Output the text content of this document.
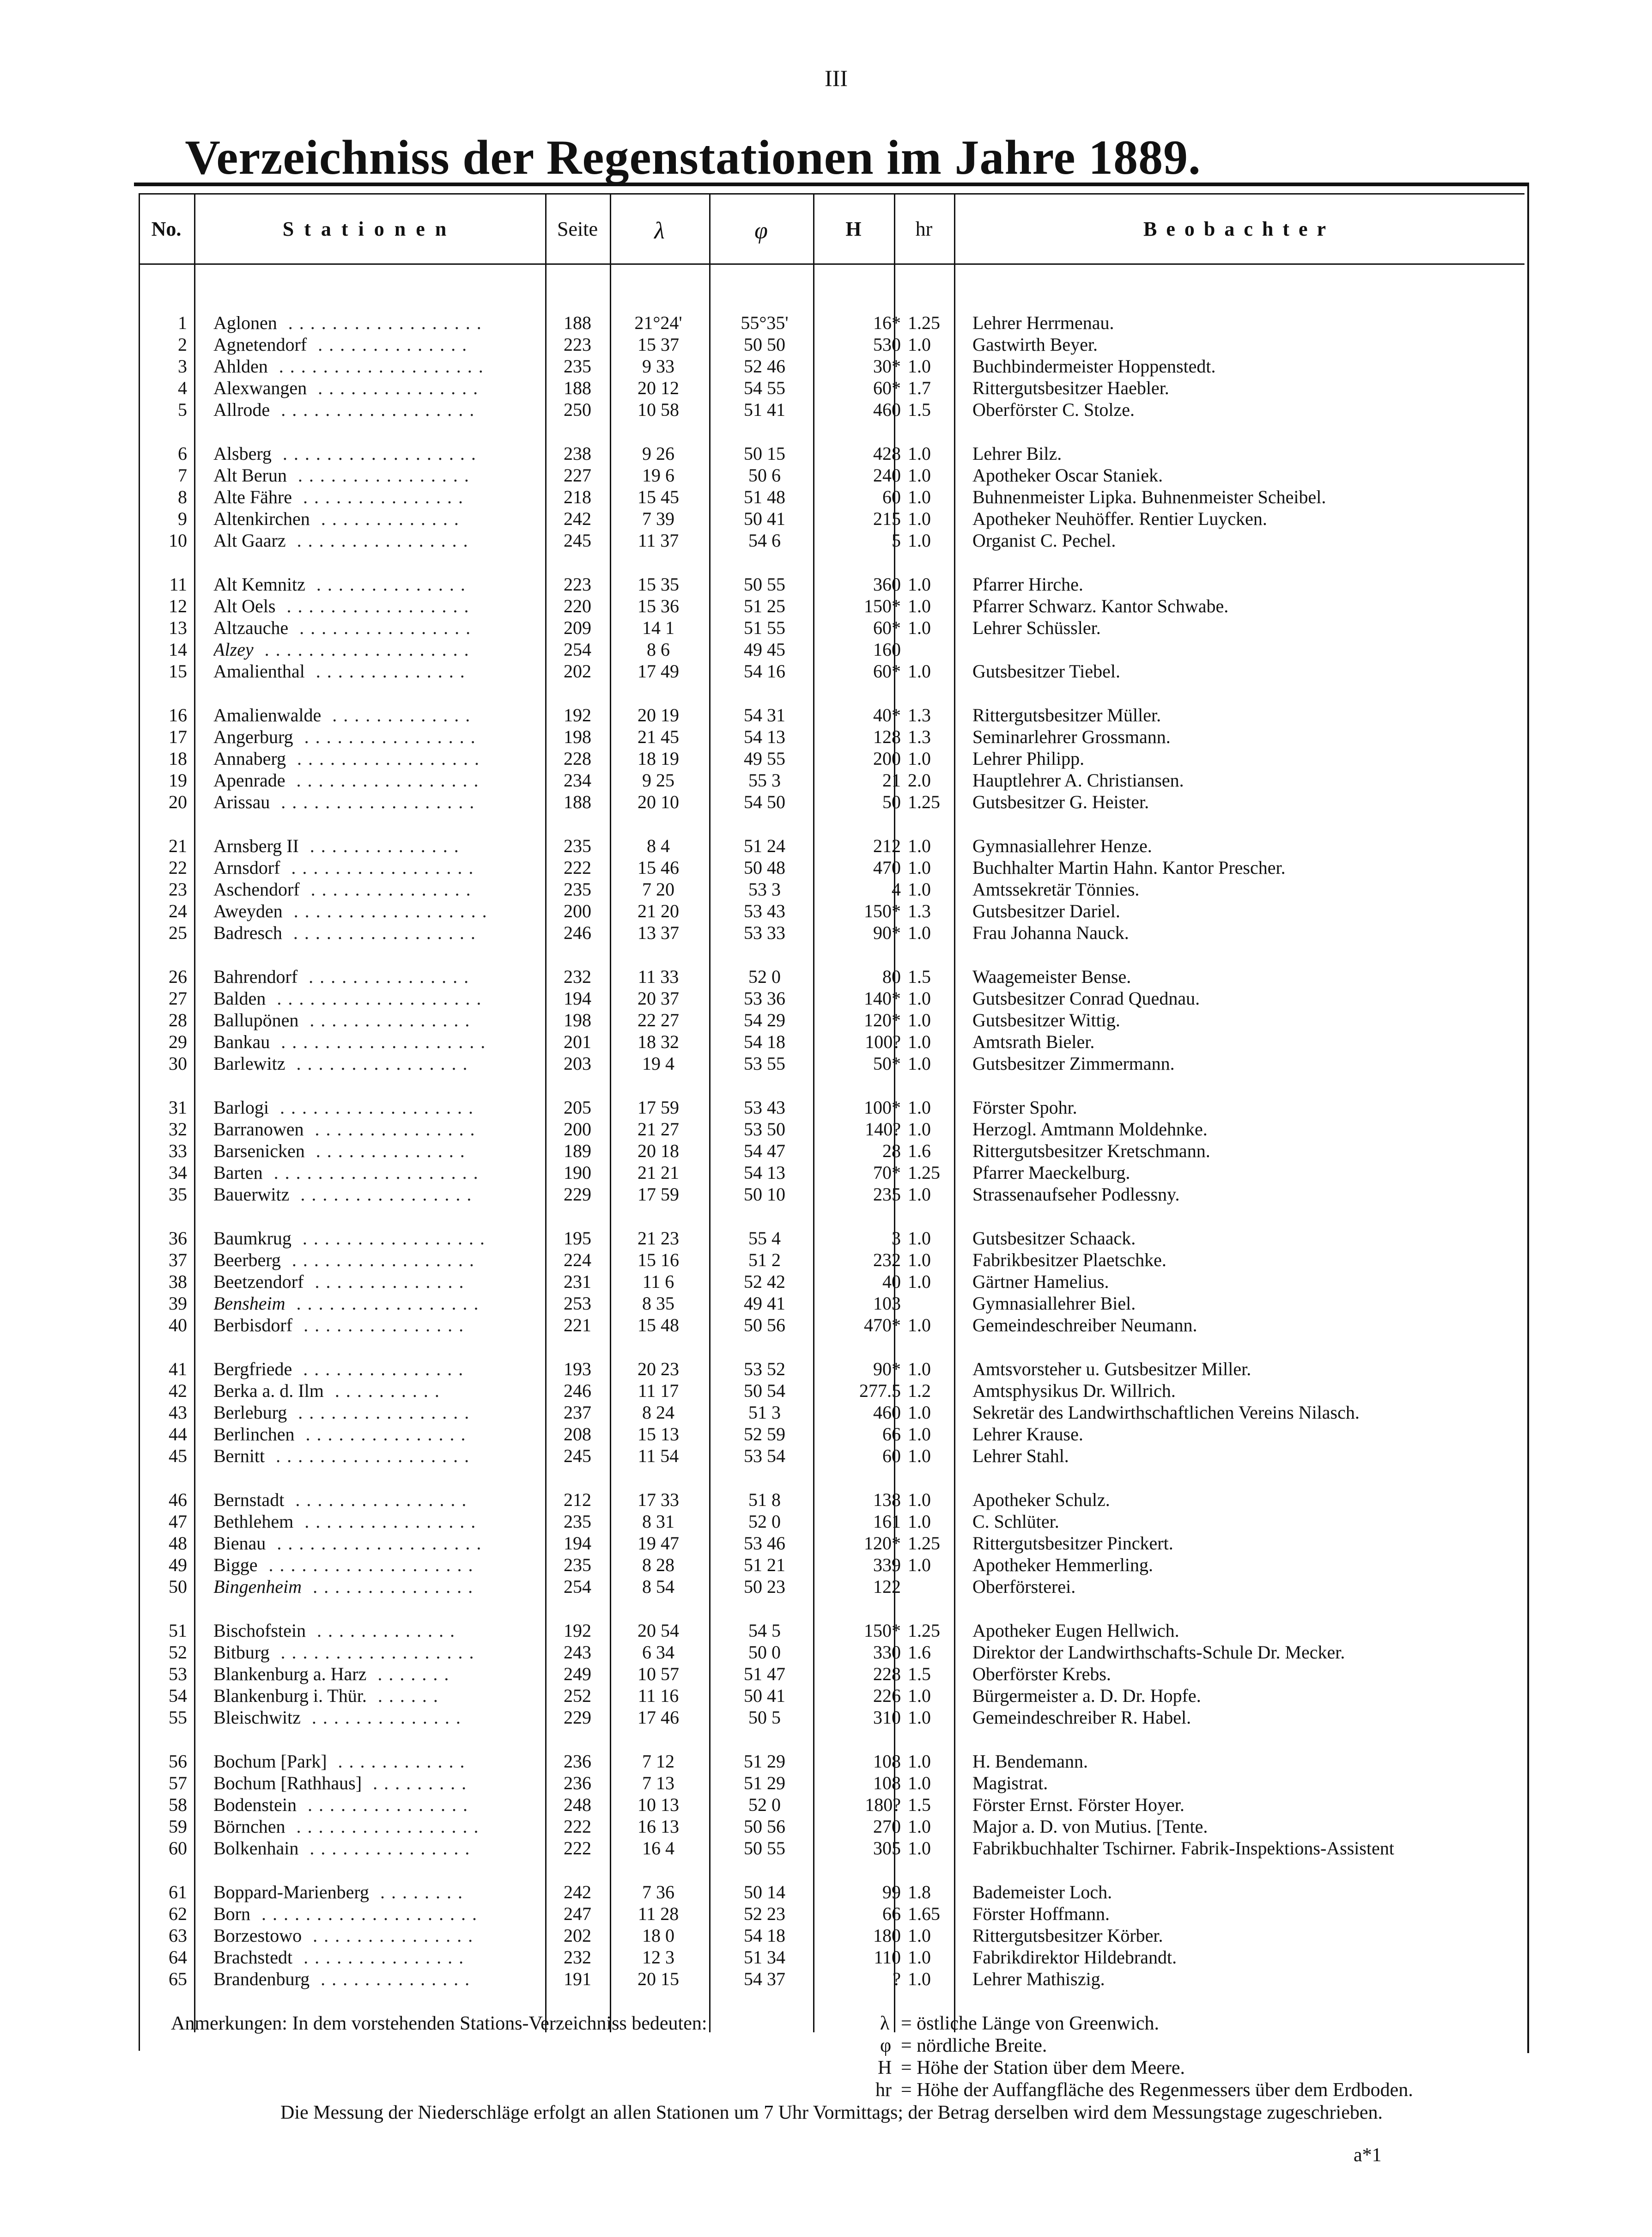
III
Verzeichniss der Regenstationen im Jahre 1889.
No.	Stationen	Seite	λ	φ	H	hr	Beobachter
1 Aglonen ..................	188	21°24'	55°35'	16* 1.25	Lehrer Herrmenau.
2 Agnetendorf ..............	223	15 37	50 50	530 1.0	Gastwirth Beyer.
3 Ahlden ...................	235	9 33	52 46	30* 1.0	Buchbindermeister Hoppenstedt.
4 Alexwangen ...............	188	20 12	54 55	60* 1.7	Rittergutsbesitzer Haebler.
5 Allrode ..................	250	10 58	51 41	460 1.5	Oberförster C. Stolze.
6 Alsberg ..................	238	9 26	50 15	428 1.0	Lehrer Bilz.
7 Alt Berun ................	227	19 6	50 6	240 1.0	Apotheker Oscar Staniek.
8 Alte Fähre ...............	218	15 45	51 48	60 1.0	Buhnenmeister Lipka. Buhnenmeister Scheibel.
9 Altenkirchen .............	242	7 39	50 41	215 1.0	Apotheker Neuhöffer. Rentier Luycken.
10 Alt Gaarz ................	245	11 37	54 6	5 1.0	Organist C. Pechel.
11 Alt Kemnitz ..............	223	15 35	50 55	360 1.0	Pfarrer Hirche.
12 Alt Oels .................	220	15 36	51 25	150* 1.0	Pfarrer Schwarz. Kantor Schwabe.
13 Altzauche ................	209	14 1	51 55	60* 1.0	Lehrer Schüssler.
14 Alzey ...................	254	8 6	49 45	160
15 Amalienthal ..............	202	17 49	54 16	60* 1.0	Gutsbesitzer Tiebel.
16 Amalienwalde .............	192	20 19	54 31	40* 1.3	Rittergutsbesitzer Müller.
17 Angerburg ................	198	21 45	54 13	128 1.3	Seminarlehrer Grossmann.
18 Annaberg .................	228	18 19	49 55	200 1.0	Lehrer Philipp.
19 Apenrade .................	234	9 25	55 3	21 2.0	Hauptlehrer A. Christiansen.
20 Arissau ..................	188	20 10	54 50	50 1.25	Gutsbesitzer G. Heister.
21 Arnsberg II ..............	235	8 4	51 24	212 1.0	Gymnasiallehrer Henze.
22 Arnsdorf .................	222	15 46	50 48	470 1.0	Buchhalter Martin Hahn. Kantor Prescher.
23 Aschendorf ...............	235	7 20	53 3	4 1.0	Amtssekretär Tönnies.
24 Aweyden ..................	200	21 20	53 43	150* 1.3	Gutsbesitzer Dariel.
25 Badresch .................	246	13 37	53 33	90* 1.0	Frau Johanna Nauck.
26 Bahrendorf ...............	232	11 33	52 0	80 1.5	Waagemeister Bense.
27 Balden ...................	194	20 37	53 36	140* 1.0	Gutsbesitzer Conrad Quednau.
28 Ballupönen ...............	198	22 27	54 29	120* 1.0	Gutsbesitzer Wittig.
29 Bankau ...................	201	18 32	54 18	100? 1.0	Amtsrath Bieler.
30 Barlewitz ................	203	19 4	53 55	50* 1.0	Gutsbesitzer Zimmermann.
31 Barlogi ..................	205	17 59	53 43	100* 1.0	Förster Spohr.
32 Barranowen ...............	200	21 27	53 50	140? 1.0	Herzogl. Amtmann Moldehnke.
33 Barsenicken ..............	189	20 18	54 47	28 1.6	Rittergutsbesitzer Kretschmann.
34 Barten ...................	190	21 21	54 13	70* 1.25	Pfarrer Maeckelburg.
35 Bauerwitz ................	229	17 59	50 10	235 1.0	Strassenaufseher Podlessny.
36 Baumkrug .................	195	21 23	55 4	3 1.0	Gutsbesitzer Schaack.
37 Beerberg .................	224	15 16	51 2	232 1.0	Fabrikbesitzer Plaetschke.
38 Beetzendorf ..............	231	11 6	52 42	40 1.0	Gärtner Hamelius.
39 Bensheim .................	253	8 35	49 41	103	Gymnasiallehrer Biel.
40 Berbisdorf ...............	221	15 48	50 56	470* 1.0	Gemeindeschreiber Neumann.
41 Bergfriede ...............	193	20 23	53 52	90* 1.0	Amtsvorsteher u. Gutsbesitzer Miller.
42 Berka a. d. Ilm ..........	246	11 17	50 54	277.5 1.2	Amtsphysikus Dr. Willrich.
43 Berleburg ................	237	8 24	51 3	460 1.0	Sekretär des Landwirthschaftlichen Vereins Nilasch.
44 Berlinchen ...............	208	15 13	52 59	66 1.0	Lehrer Krause.
45 Bernitt ..................	245	11 54	53 54	60 1.0	Lehrer Stahl.
46 Bernstadt ................	212	17 33	51 8	138 1.0	Apotheker Schulz.
47 Bethlehem ................	235	8 31	52 0	161 1.0	C. Schlüter.
48 Bienau ...................	194	19 47	53 46	120* 1.25	Rittergutsbesitzer Pinckert.
49 Bigge ...................	235	8 28	51 21	339 1.0	Apotheker Hemmerling.
50 Bingenheim ...............	254	8 54	50 23	122	Oberförsterei.
51 Bischofstein .............	192	20 54	54 5	150* 1.25	Apotheker Eugen Hellwich.
52 Bitburg ..................	243	6 34	50 0	330 1.6	Direktor der Landwirthschafts-Schule Dr. Mecker.
53 Blankenburg a. Harz .......	249	10 57	51 47	228 1.5	Oberförster Krebs.
54 Blankenburg i. Thür. ......	252	11 16	50 41	226 1.0	Bürgermeister a. D. Dr. Hopfe.
55 Bleischwitz ..............	229	17 46	50 5	310 1.0	Gemeindeschreiber R. Habel.
56 Bochum [Park] ............	236	7 12	51 29	108 1.0	H. Bendemann.
57 Bochum [Rathhaus] .........	236	7 13	51 29	108 1.0	Magistrat.
58 Bodenstein ...............	248	10 13	52 0	180? 1.5	Förster Ernst. Förster Hoyer.
59 Börnchen .................	222	16 13	50 56	270 1.0	Major a. D. von Mutius. [Tente.
60 Bolkenhain ...............	222	16 4	50 55	305 1.0	Fabrikbuchhalter Tschirner. Fabrik-Inspektions-Assistent
61 Boppard-Marienberg ........	242	7 36	50 14	99 1.8	Bademeister Loch.
62 Born ....................	247	11 28	52 23	66 1.65	Förster Hoffmann.
63 Borzestowo ...............	202	18 0	54 18	180 1.0	Rittergutsbesitzer Körber.
64 Brachstedt ...............	232	12 3	51 34	110 1.0	Fabrikdirektor Hildebrandt.
65 Brandenburg ..............	191	20 15	54 37	? 1.0	Lehrer Mathiszig.
Anmerkungen: In dem vorstehenden Stations-Verzeichniss bedeuten:	λ = östliche Länge von Greenwich.
φ = nördliche Breite.
H = Höhe der Station über dem Meere.
hr = Höhe der Auffangfläche des Regenmessers über dem Erdboden.
Die Messung der Niederschläge erfolgt an allen Stationen um 7 Uhr Vormittags; der Betrag derselben wird dem Messungstage zugeschrieben.
a*1
